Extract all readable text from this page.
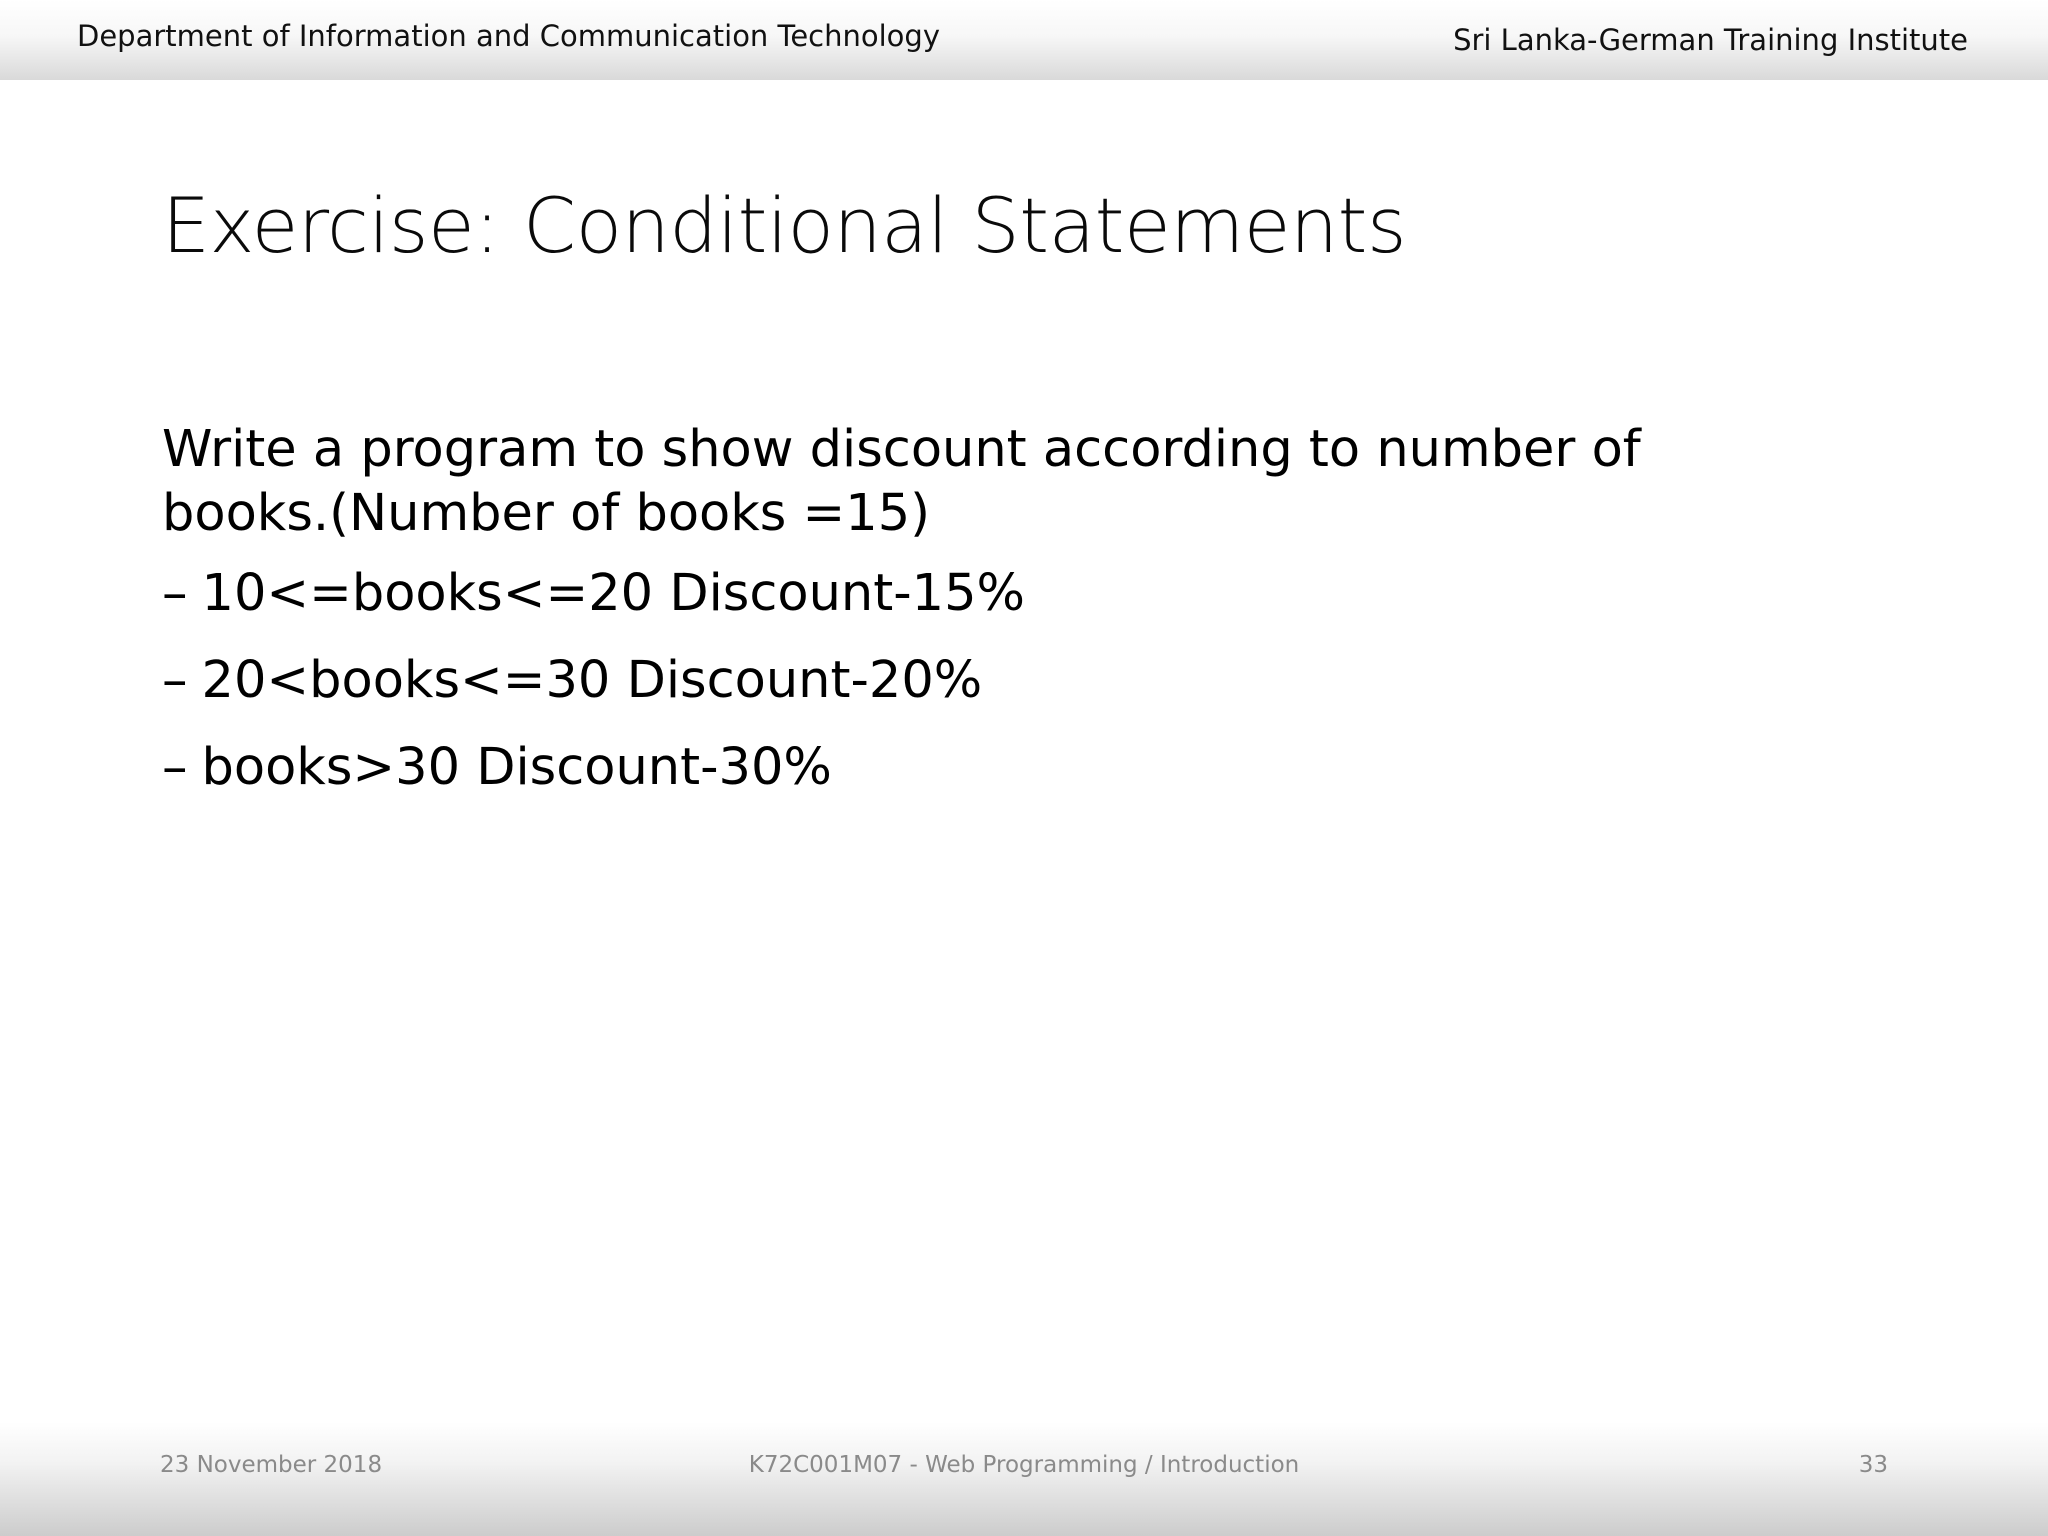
Department of Information and Communication Technology	Sri Lanka-German Training Institute
Exercise: Conditional Statements

Write a program to show discount according to number of books.(Number of books =15)

– 10<=books<=20 Discount-15%
– 20<books<=30 Discount-20%
– books>30 Discount-30%
23 November 2018	K72C001M07 - Web Programming / Introduction	33
